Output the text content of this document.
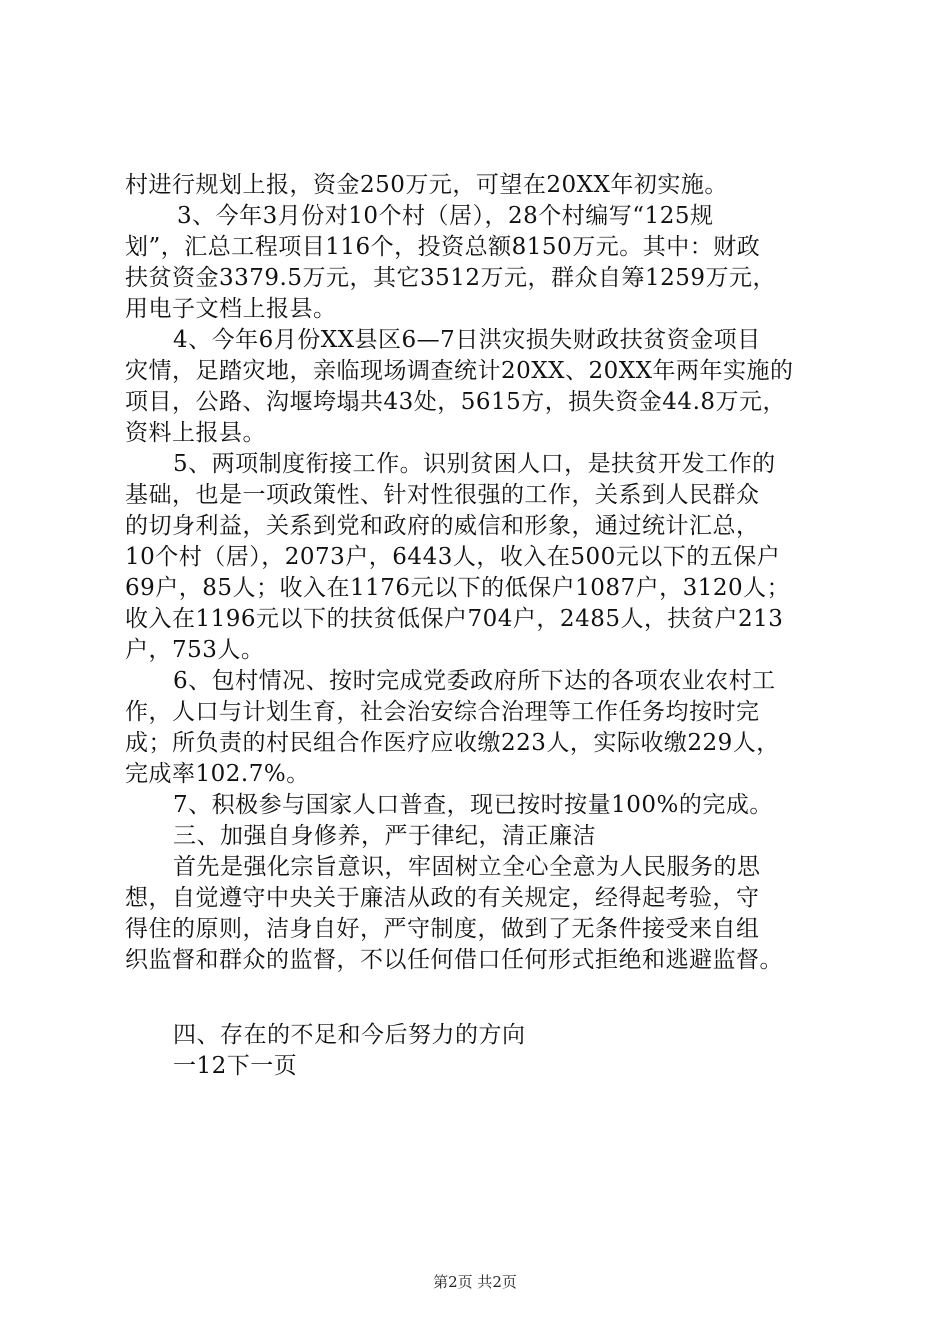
村进行规划上报，资金250万元，可望在20XX年初实施。
3、今年3月份对10个村（居），28个村编写“125规
划”，汇总工程项目116个，投资总额8150万元。其中：财政
扶贫资金3379.5万元，其它3512万元，群众自筹1259万元，
用电子文档上报县。
4、今年6月份XX县区6—7日洪灾损失财政扶贫资金项目
灾情，足踏灾地，亲临现场调查统计20XX、20XX年两年实施的
项目，公路、沟堰垮塌共43处，5615方，损失资金44.8万元，
资料上报县。
5、两项制度衔接工作。识别贫困人口，是扶贫开发工作的
基础，也是一项政策性、针对性很强的工作，关系到人民群众
的切身利益，关系到党和政府的威信和形象，通过统计汇总，
10个村（居），2073户，6443人，收入在500元以下的五保户
69户，85人；收入在1176元以下的低保户1087户，3120人；
收入在1196元以下的扶贫低保户704户，2485人，扶贫户213
户，753人。
6、包村情况、按时完成党委政府所下达的各项农业农村工
作，人口与计划生育，社会治安综合治理等工作任务均按时完
成；所负责的村民组合作医疗应收缴223人，实际收缴229人，
完成率102.7%。
7、积极参与国家人口普查，现已按时按量100%的完成。
三、加强自身修养，严于律纪，清正廉洁
首先是强化宗旨意识，牢固树立全心全意为人民服务的思
想，自觉遵守中央关于廉洁从政的有关规定，经得起考验，守
得住的原则，洁身自好，严守制度，做到了无条件接受来自组
织监督和群众的监督，不以任何借口任何形式拒绝和逃避监督。
四、存在的不足和今后努力的方向
一12下一页
第2页 共2页
